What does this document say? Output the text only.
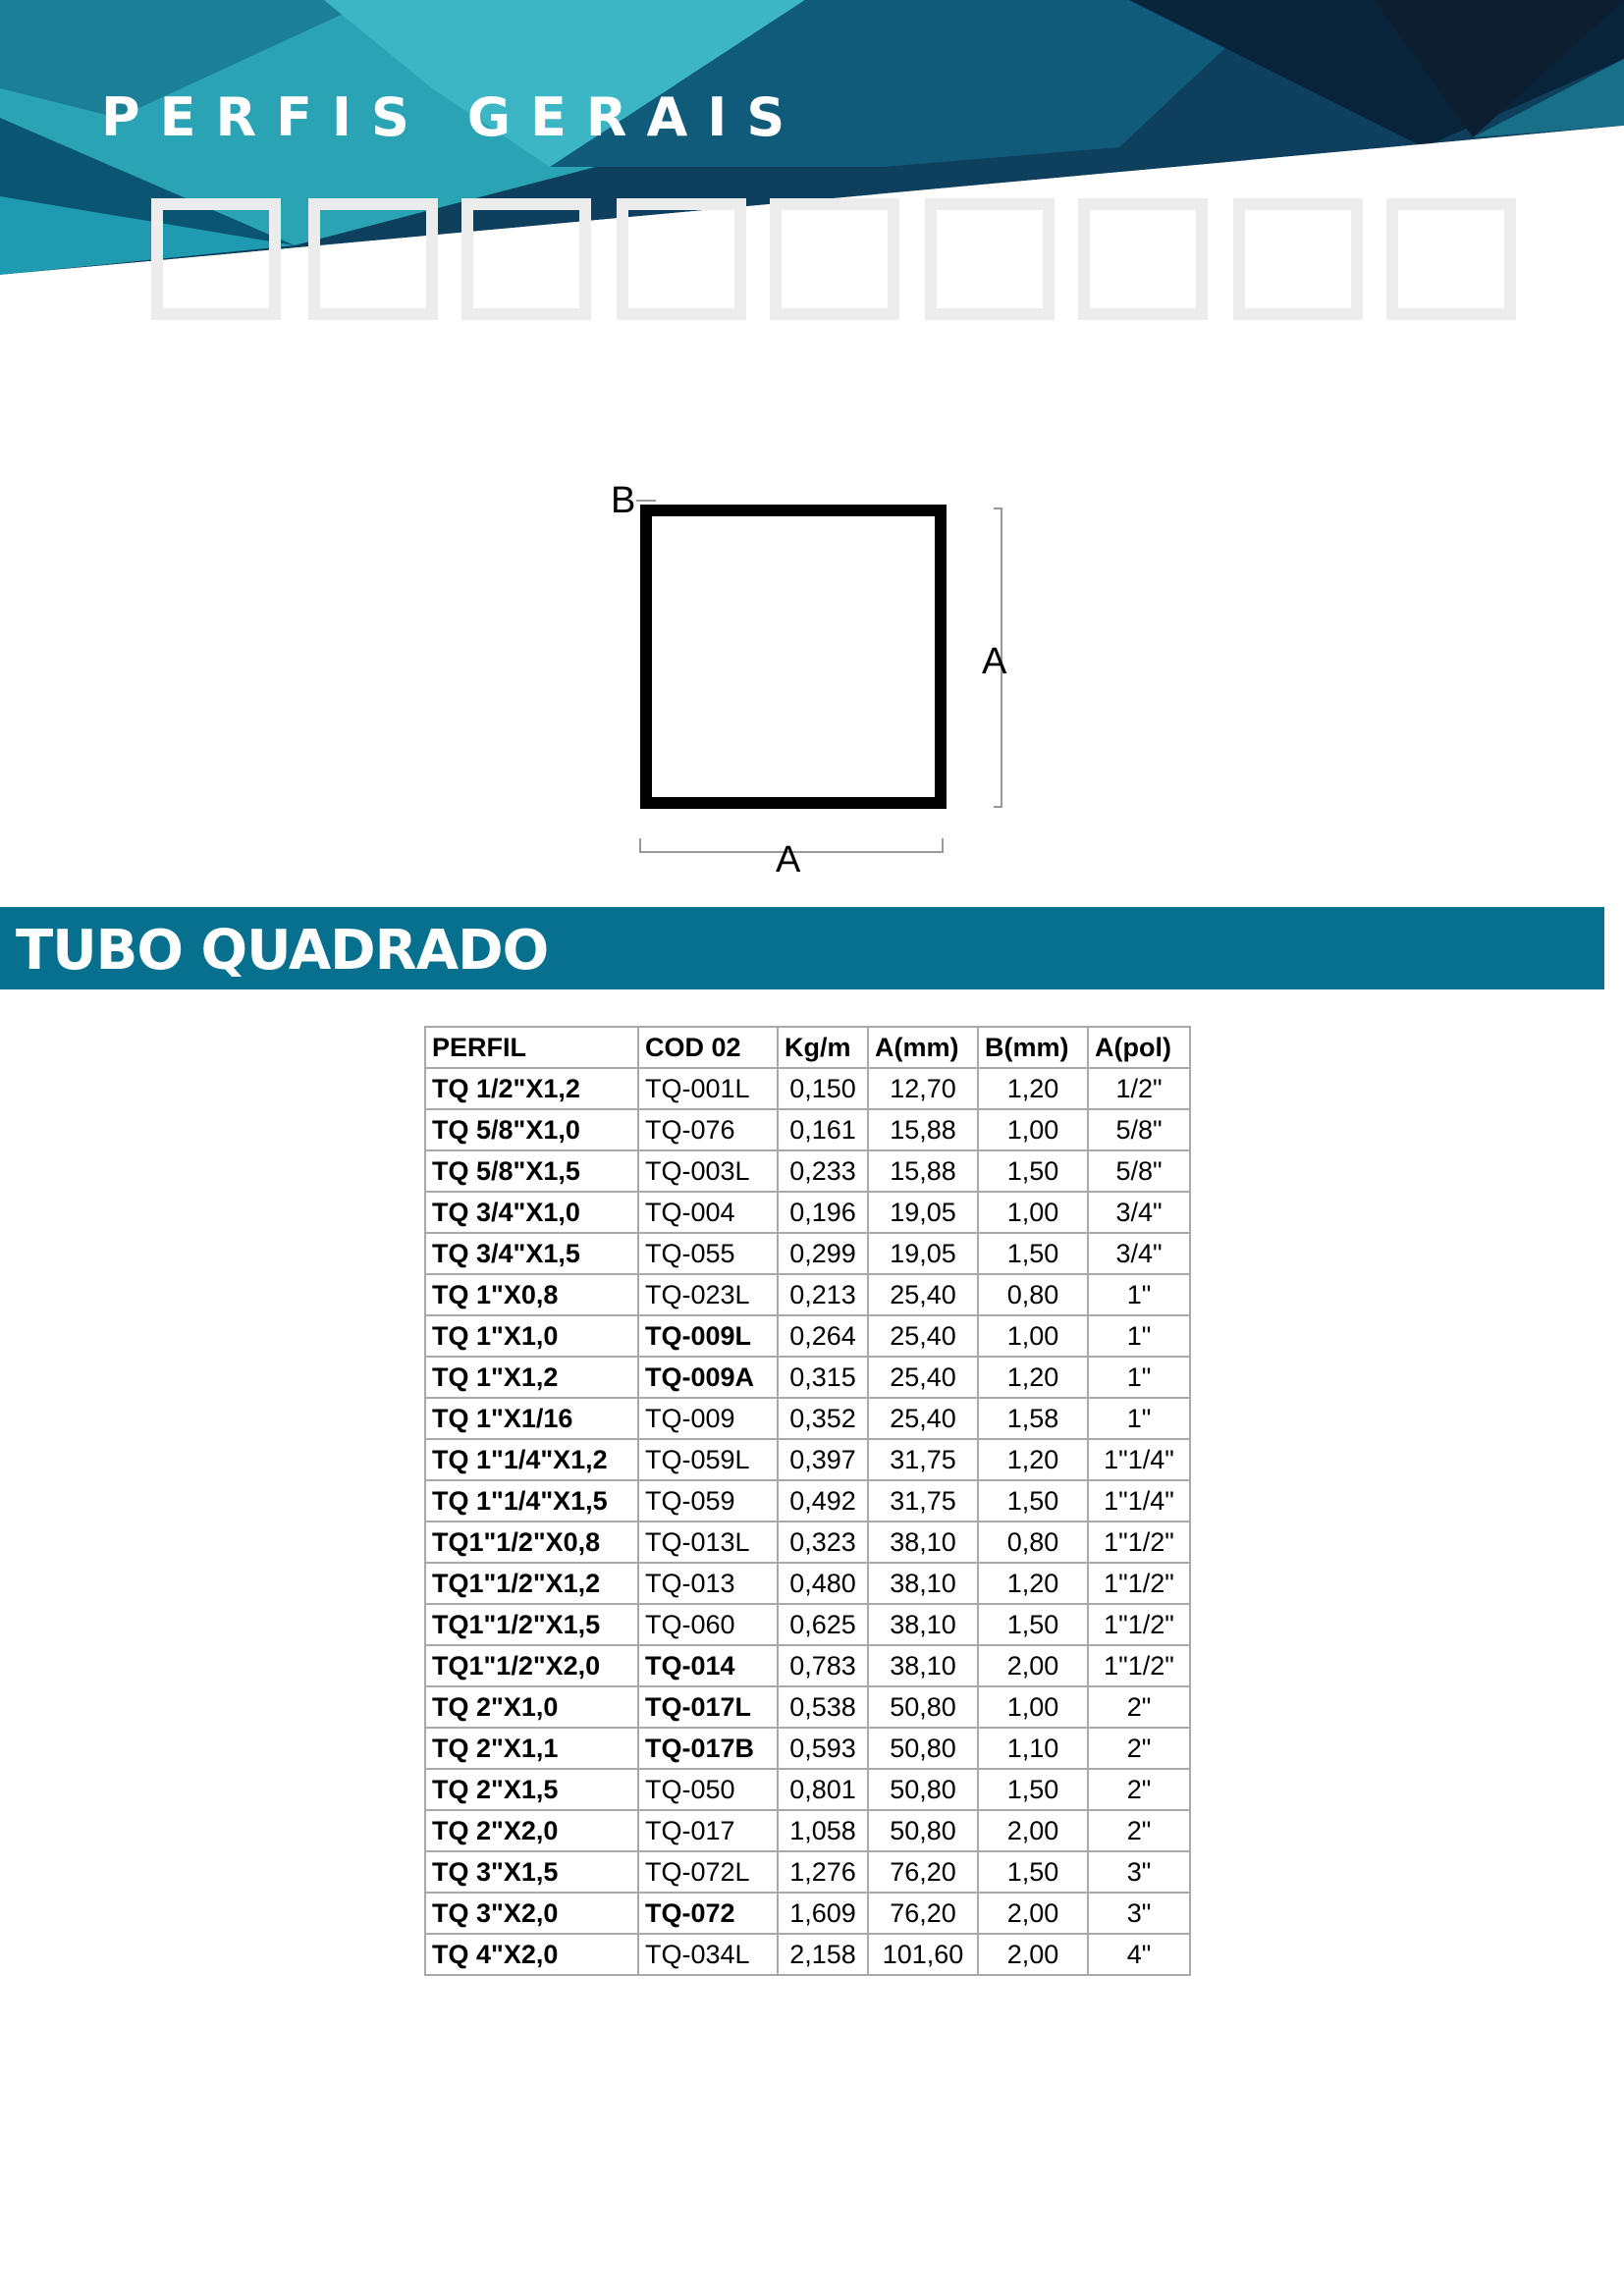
PERFIS GERAIS
B
A
A
TUBO QUADRADO
PERFIL	COD 02	Kg/m	A(mm)	B(mm)	A(pol)
TQ 1/2"X1,2	TQ-001L	0,150	12,70	1,20	1/2"
TQ 5/8"X1,0	TQ-076	0,161	15,88	1,00	5/8"
TQ 5/8"X1,5	TQ-003L	0,233	15,88	1,50	5/8"
TQ 3/4"X1,0	TQ-004	0,196	19,05	1,00	3/4"
TQ 3/4"X1,5	TQ-055	0,299	19,05	1,50	3/4"
TQ 1"X0,8	TQ-023L	0,213	25,40	0,80	1"
TQ 1"X1,0	TQ-009L	0,264	25,40	1,00	1"
TQ 1"X1,2	TQ-009A	0,315	25,40	1,20	1"
TQ 1"X1/16	TQ-009	0,352	25,40	1,58	1"
TQ 1"1/4"X1,2	TQ-059L	0,397	31,75	1,20	1"1/4"
TQ 1"1/4"X1,5	TQ-059	0,492	31,75	1,50	1"1/4"
TQ1"1/2"X0,8	TQ-013L	0,323	38,10	0,80	1"1/2"
TQ1"1/2"X1,2	TQ-013	0,480	38,10	1,20	1"1/2"
TQ1"1/2"X1,5	TQ-060	0,625	38,10	1,50	1"1/2"
TQ1"1/2"X2,0	TQ-014	0,783	38,10	2,00	1"1/2"
TQ 2"X1,0	TQ-017L	0,538	50,80	1,00	2"
TQ 2"X1,1	TQ-017B	0,593	50,80	1,10	2"
TQ 2"X1,5	TQ-050	0,801	50,80	1,50	2"
TQ 2"X2,0	TQ-017	1,058	50,80	2,00	2"
TQ 3"X1,5	TQ-072L	1,276	76,20	1,50	3"
TQ 3"X2,0	TQ-072	1,609	76,20	2,00	3"
TQ 4"X2,0	TQ-034L	2,158	101,60	2,00	4"
